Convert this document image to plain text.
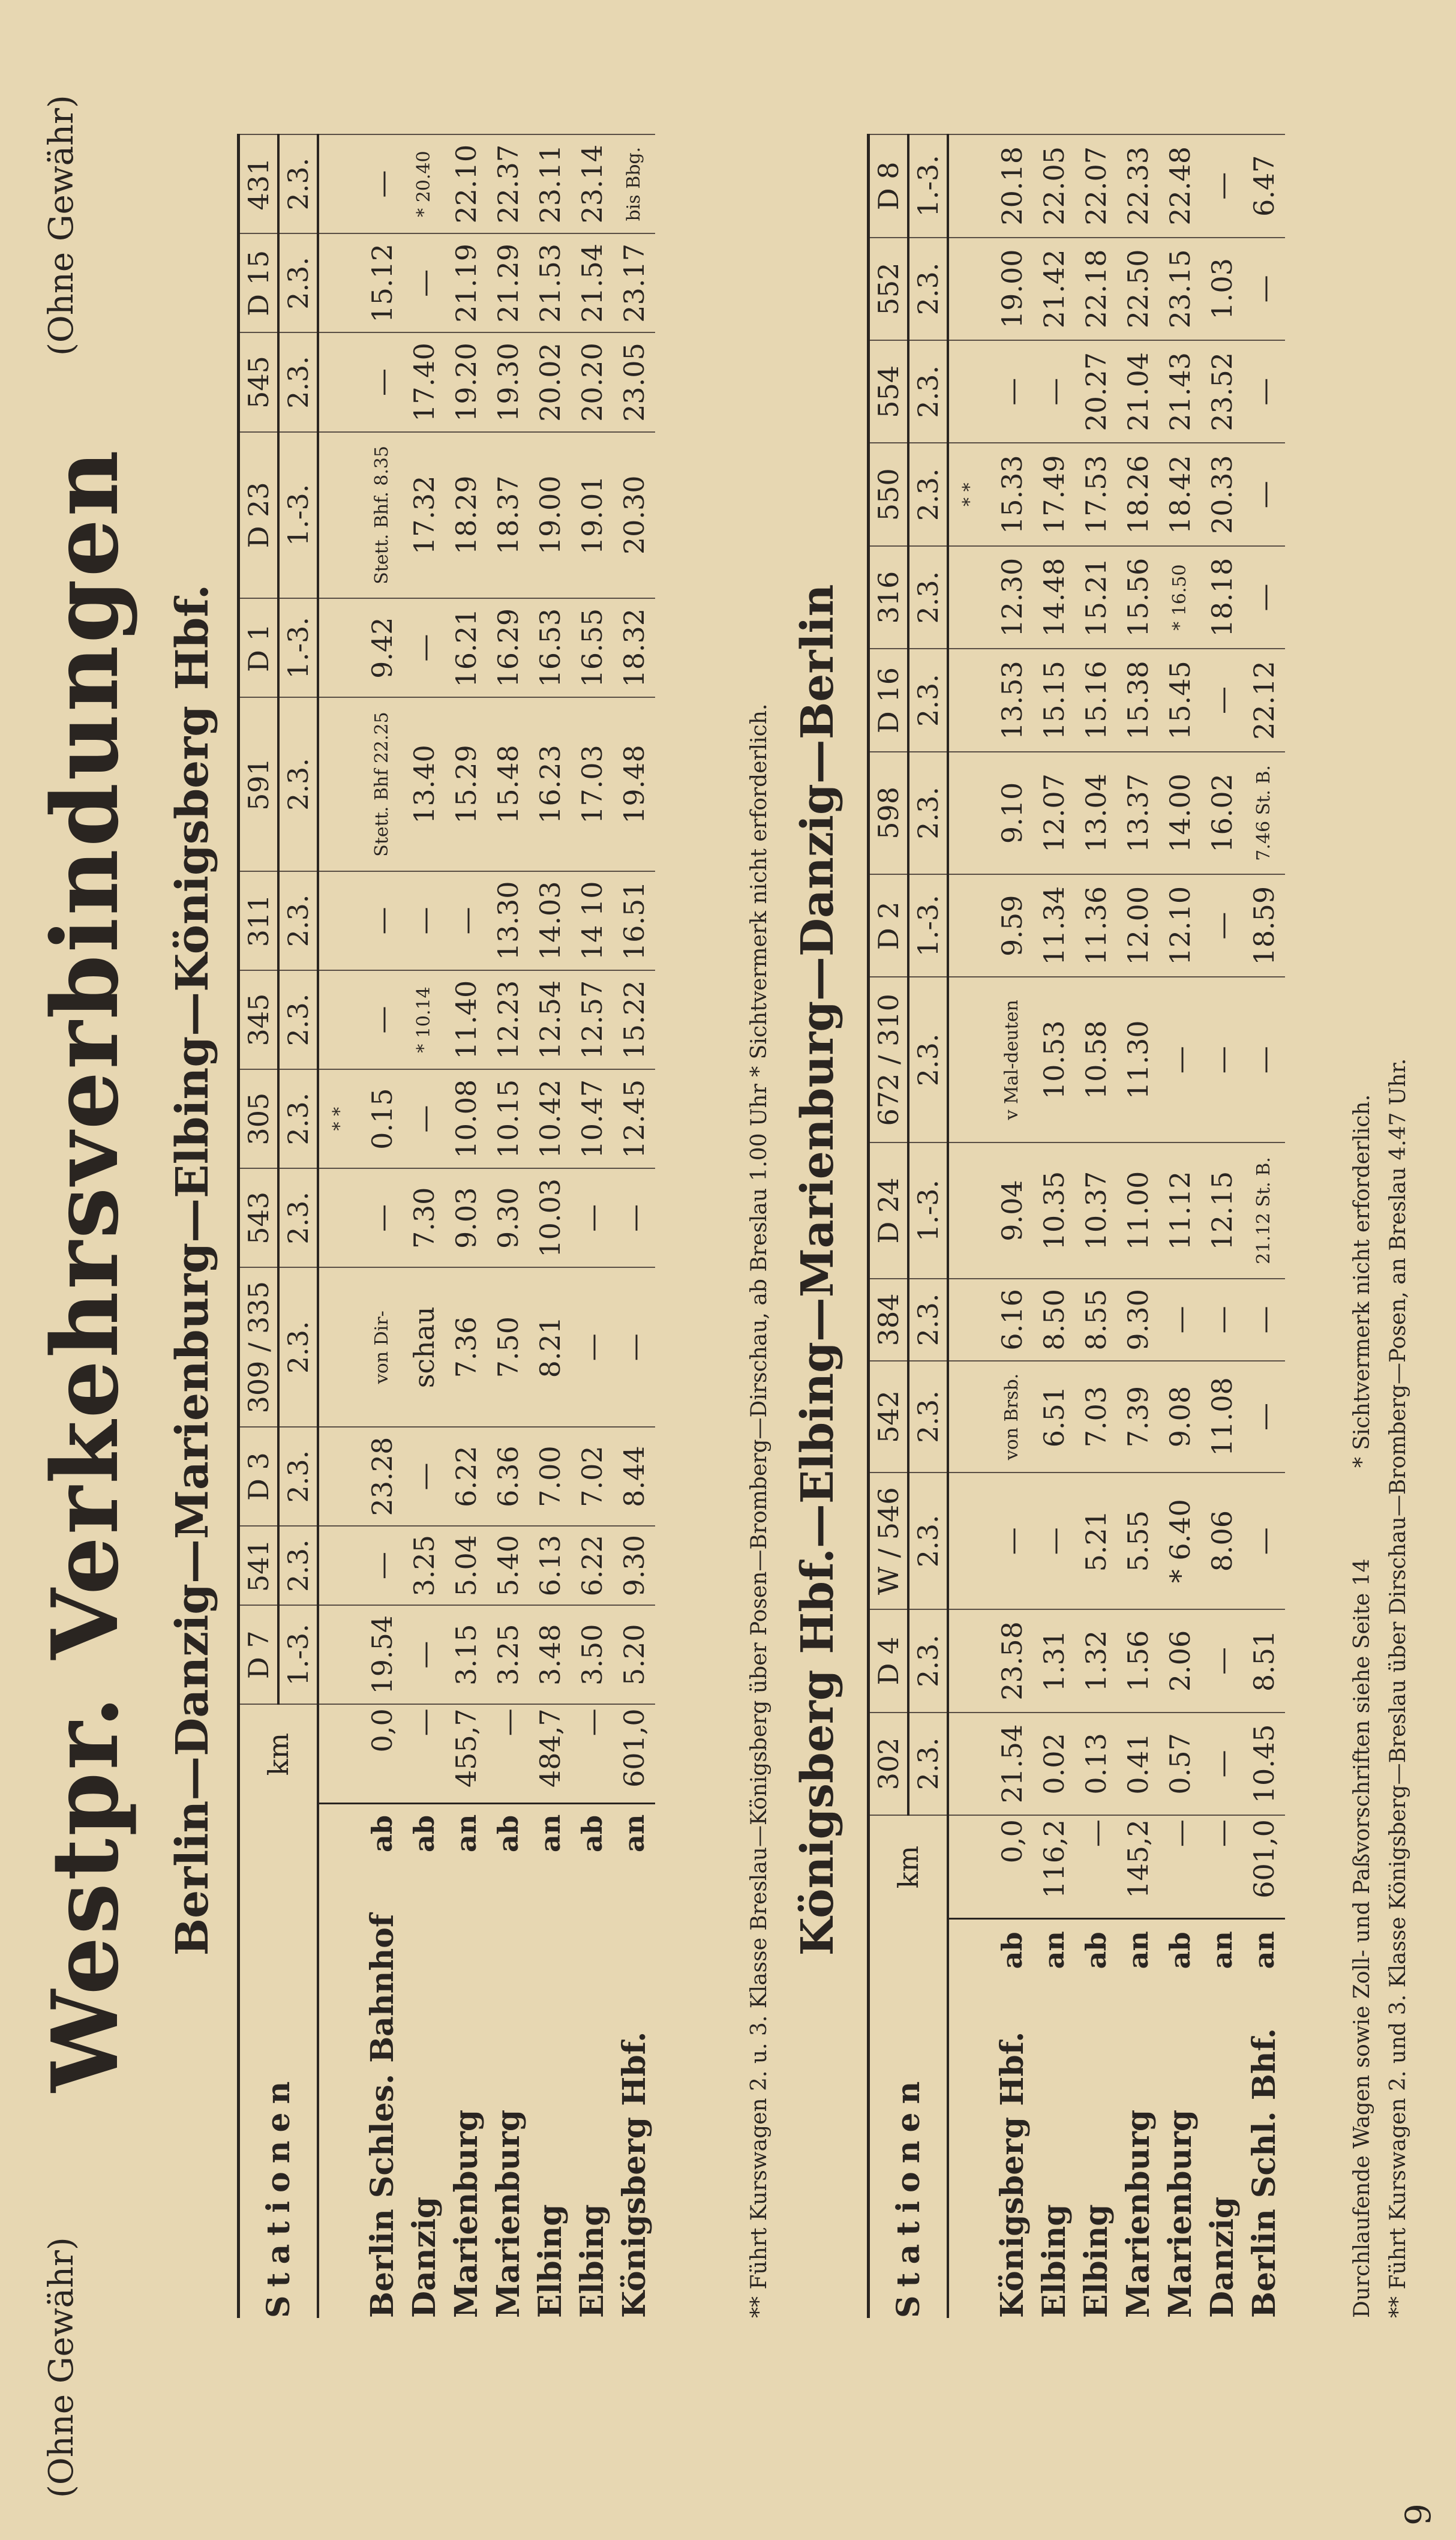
9
(Ohne Gewähr)
(Ohne Gewähr)
Westpr. Verkehrsverbindungen Berlin—Danzig—Marienburg—Elbing—Königsberg Hbf.
Stationen		km	D 7	541	D 3	309 / 335	543	305	345	311	591	D 1	D 23	545	D 15	431
			1.-3.	2.3.	2.3.	2.3.	2.3.	2.3.	2.3.	2.3.	2.3.	1.-3.	1.-3.	2.3.	2.3.	2.3.
								* *								
Berlin Schles. Bahnhof	ab	0,0	19.54	—	23.28	von Dir-	—	0.15	—	—	Stett. Bhf 22.25	9.42	Stett. Bhf. 8.35	—	15.12	—
Danzig	ab	—	—	3.25	—	schau	7.30	—	* 10.14	—	13.40	—	17.32	17.40	—	* 20.40
Marienburg	an	455,7	3.15	5.04	6.22	7.36	9.03	10.08	11.40	—	15.29	16.21	18.29	19.20	21.19	22.10
Marienburg	ab	—	3.25	5.40	6.36	7.50	9.30	10.15	12.23	13.30	15.48	16.29	18.37	19.30	21.29	22.37
Elbing	an	484,7	3.48	6.13	7.00	8.21	10.03	10.42	12.54	14.03	16.23	16.53	19.00	20.02	21.53	23.11
Elbing	ab	—	3.50	6.22	7.02	—	—	10.47	12.57	14 10	17.03	16.55	19.01	20.20	21.54	23.14
Königsberg Hbf.	an	601,0	5.20	9.30	8.44	—	—	12.45	15.22	16.51	19.48	18.32	20.30	23.05	23.17	bis Bbg.
** Führt Kurswagen 2. u. 3. Klasse Breslau—Königsberg über Posen—Bromberg—Dirschau, ab Breslau 1.00 Uhr * Sichtvermerk nicht erforderlich. Königsberg Hbf.—Elbing—Marienburg—Danzig—Berlin
Stationen		km	302	D 4	W / 546	542	384	D 24	672 / 310	D 2	598	D 16	316	550	554	552	D 8
			2.3.	2.3.	2.3.	2.3.	2.3.	1.-3.	2.3.	1.-3.	2.3.	2.3.	2.3.	2.3.	2.3.	2.3.	1.-3.
														* *			
Königsberg Hbf.	ab	0,0	21.54	23.58	—	von Brsb.	6.16	9.04	v Mal-deuten	9.59	9.10	13.53	12.30	15.33	—	19.00	20.18
Elbing	an	116,2	0.02	1.31	—	6.51	8.50	10.35	10.53	11.34	12.07	15.15	14.48	17.49	—	21.42	22.05
Elbing	ab	—	0.13	1.32	5.21	7.03	8.55	10.37	10.58	11.36	13.04	15.16	15.21	17.53	20.27	22.18	22.07
Marienburg	an	145,2	0.41	1.56	5.55	7.39	9.30	11.00	11.30	12.00	13.37	15.38	15.56	18.26	21.04	22.50	22.33
Marienburg	ab	—	0.57	2.06	* 6.40	9.08	—	11.12	—	12.10	14.00	15.45	* 16.50	18.42	21.43	23.15	22.48
Danzig	an	—	—	—	8.06	11.08	—	12.15	—	—	16.02	—	18.18	20.33	23.52	1.03	—
Berlin Schl. Bhf.	an	601,0	10.45	8.51	—	—	—	21.12 St. B.	—	18.59	7.46 St. B.	22.12	—	—	—	—	6.47
Durchlaufende Wagen sowie Zoll- und Paßvorschriften siehe Seite 14 * Sichtvermerk nicht erforderlich. ** Führt Kurswagen 2. und 3. Klasse Königsberg—Breslau über Dirschau—Bromberg—Posen, an Breslau 4.47 Uhr.
